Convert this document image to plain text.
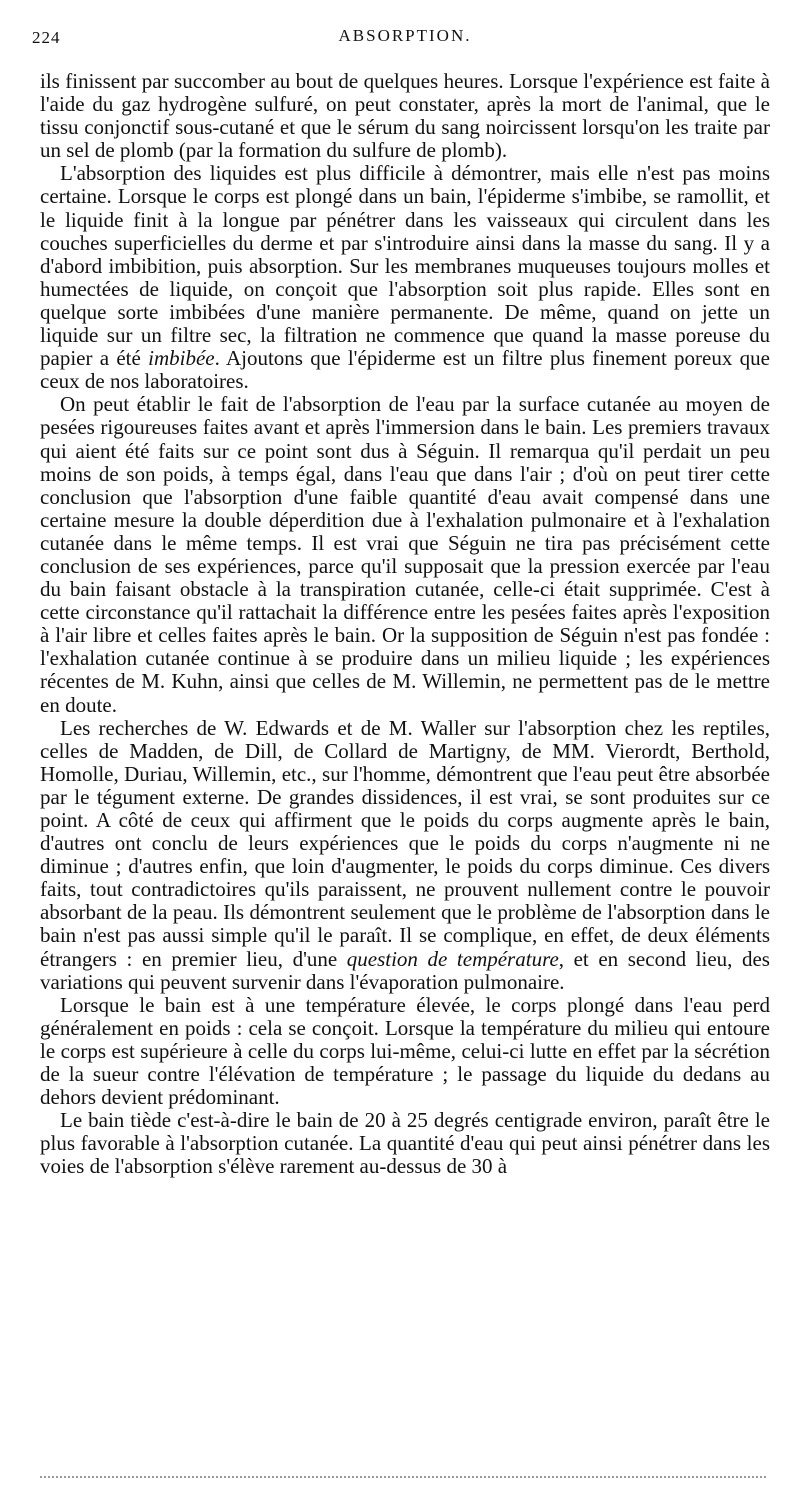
224	ABSORPTION.

ils finissent par succomber au bout de quelques heures. Lorsque l'expérience est faite à l'aide du gaz hydrogène sulfuré, on peut constater, après la mort de l'animal, que le tissu conjonctif sous-cutané et que le sérum du sang noircissent lorsqu'on les traite par un sel de plomb (par la formation du sulfure de plomb).

L'absorption des liquides est plus difficile à démontrer, mais elle n'est pas moins certaine. Lorsque le corps est plongé dans un bain, l'épiderme s'imbibe, se ramollit, et le liquide finit à la longue par pénétrer dans les vaisseaux qui circulent dans les couches superficielles du derme et par s'introduire ainsi dans la masse du sang. Il y a d'abord imbibition, puis absorption. Sur les membranes muqueuses toujours molles et humectées de liquide, on conçoit que l'absorption soit plus rapide. Elles sont en quelque sorte imbibées d'une manière permanente. De même, quand on jette un liquide sur un filtre sec, la filtration ne commence que quand la masse poreuse du papier a été imbibée. Ajoutons que l'épiderme est un filtre plus finement poreux que ceux de nos laboratoires.

On peut établir le fait de l'absorption de l'eau par la surface cutanée au moyen de pesées rigoureuses faites avant et après l'immersion dans le bain. Les premiers travaux qui aient été faits sur ce point sont dus à Séguin. Il remarqua qu'il perdait un peu moins de son poids, à temps égal, dans l'eau que dans l'air ; d'où on peut tirer cette conclusion que l'absorption d'une faible quantité d'eau avait compensé dans une certaine mesure la double déperdition due à l'exhalation pulmonaire et à l'exhalation cutanée dans le même temps. Il est vrai que Séguin ne tira pas précisément cette conclusion de ses expériences, parce qu'il supposait que la pression exercée par l'eau du bain faisant obstacle à la transpiration cutanée, celle-ci était supprimée. C'est à cette circonstance qu'il rattachait la différence entre les pesées faites après l'exposition à l'air libre et celles faites après le bain. Or la supposition de Séguin n'est pas fondée : l'exhalation cutanée continue à se produire dans un milieu liquide ; les expériences récentes de M. Kuhn, ainsi que celles de M. Willemin, ne permettent pas de le mettre en doute.

Les recherches de W. Edwards et de M. Waller sur l'absorption chez les reptiles, celles de Madden, de Dill, de Collard de Martigny, de MM. Vierordt, Berthold, Homolle, Duriau, Willemin, etc., sur l'homme, démontrent que l'eau peut être absorbée par le tégument externe. De grandes dissidences, il est vrai, se sont produites sur ce point. A côté de ceux qui affirment que le poids du corps augmente après le bain, d'autres ont conclu de leurs expériences que le poids du corps n'augmente ni ne diminue ; d'autres enfin, que loin d'augmenter, le poids du corps diminue. Ces divers faits, tout contradictoires qu'ils paraissent, ne prouvent nullement contre le pouvoir absorbant de la peau. Ils démontrent seulement que le problème de l'absorption dans le bain n'est pas aussi simple qu'il le paraît. Il se complique, en effet, de deux éléments étrangers : en premier lieu, d'une question de température, et en second lieu, des variations qui peuvent survenir dans l'évaporation pulmonaire.

Lorsque le bain est à une température élevée, le corps plongé dans l'eau perd généralement en poids : cela se conçoit. Lorsque la température du milieu qui entoure le corps est supérieure à celle du corps lui-même, celui-ci lutte en effet par la sécrétion de la sueur contre l'élévation de température ; le passage du liquide du dedans au dehors devient prédominant.

Le bain tiède c'est-à-dire le bain de 20 à 25 degrés centigrade environ, paraît être le plus favorable à l'absorption cutanée. La quantité d'eau qui peut ainsi pénétrer dans les voies de l'absorption s'élève rarement au-dessus de 30 à
